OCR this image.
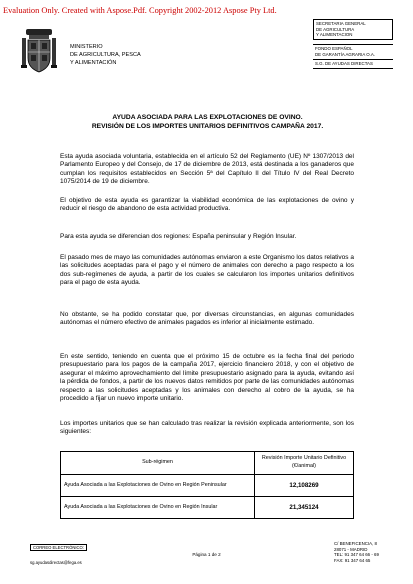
Evaluation Only. Created with Aspose.Pdf. Copyright 2002-2012 Aspose Pty Ltd.
MINISTERIO
DE AGRICULTURA, PESCA
Y ALIMENTACIÓN
SECRETARIA GENERAL
DE AGRICULTURA
Y ALIMENTACION
FONDO ESPAÑOL
DE GARANTÍA AGRARIA O.A.
S.G. DE AYUDAS DIRECTAS
AYUDA ASOCIADA PARA LAS EXPLOTACIONES DE OVINO.
REVISIÓN DE LOS IMPORTES UNITARIOS DEFINITIVOS CAMPAÑA 2017.

Esta ayuda asociada voluntaria, establecida en el artículo 52 del Reglamento (UE) Nº 1307/2013 del Parlamento Europeo y del Consejo, de 17 de diciembre de 2013, está destinada a los ganaderos que cumplan los requisitos establecidos en Sección 5ª del Capítulo II del Título IV del Real Decreto 1075/2014 de 19 de diciembre.

El objetivo de esta ayuda es garantizar la viabilidad económica de las explotaciones de ovino y reducir el riesgo de abandono de esta actividad productiva.

Para esta ayuda se diferencian dos regiones: España peninsular y Región Insular.

El pasado mes de mayo las comunidades autónomas enviaron a este Organismo los datos relativos a las solicitudes aceptadas para el pago y el número de animales con derecho a pago respecto a los dos sub-regímenes de ayuda, a partir de los cuales se calcularon los importes unitarios definitivos para el pago de esta ayuda.

No obstante, se ha podido constatar que, por diversas circunstancias, en algunas comunidades autónomas el número efectivo de animales pagados es inferior al inicialmente estimado.

En este sentido, teniendo en cuenta que el próximo 15 de octubre es la fecha final del periodo presupuestario para los pagos de la campaña 2017, ejercicio financiero 2018, y con el objetivo de asegurar el máximo aprovechamiento del límite presupuestario asignado para la ayuda, evitando así la pérdida de fondos, a partir de los nuevos datos remitidos por parte de las comunidades autónomas respecto a las solicitudes aceptadas y los animales con derecho al cobro de la ayuda, se ha procedido a fijar un nuevo importe unitario.

Los importes unitarios que se han calculado tras realizar la revisión explicada anteriormente, son los siguientes:

Sub-régimen	Revisión Importe Unitario Definitivo (€/animal)
Ayuda Asociada a las Explotaciones de Ovino en Región Peninsular	12,108269
Ayuda Asociada a las Explotaciones de Ovino en Región Insular	21,345124
CORREO ELECTRÓNICO:
sg.ayudasdirectas@fega.es
Página 1 de 2
C/ BENEFICENCIA, 8
28071 - MADRID
TEL: 91 347 64 66 - 69
FAX: 91 347 64 65
